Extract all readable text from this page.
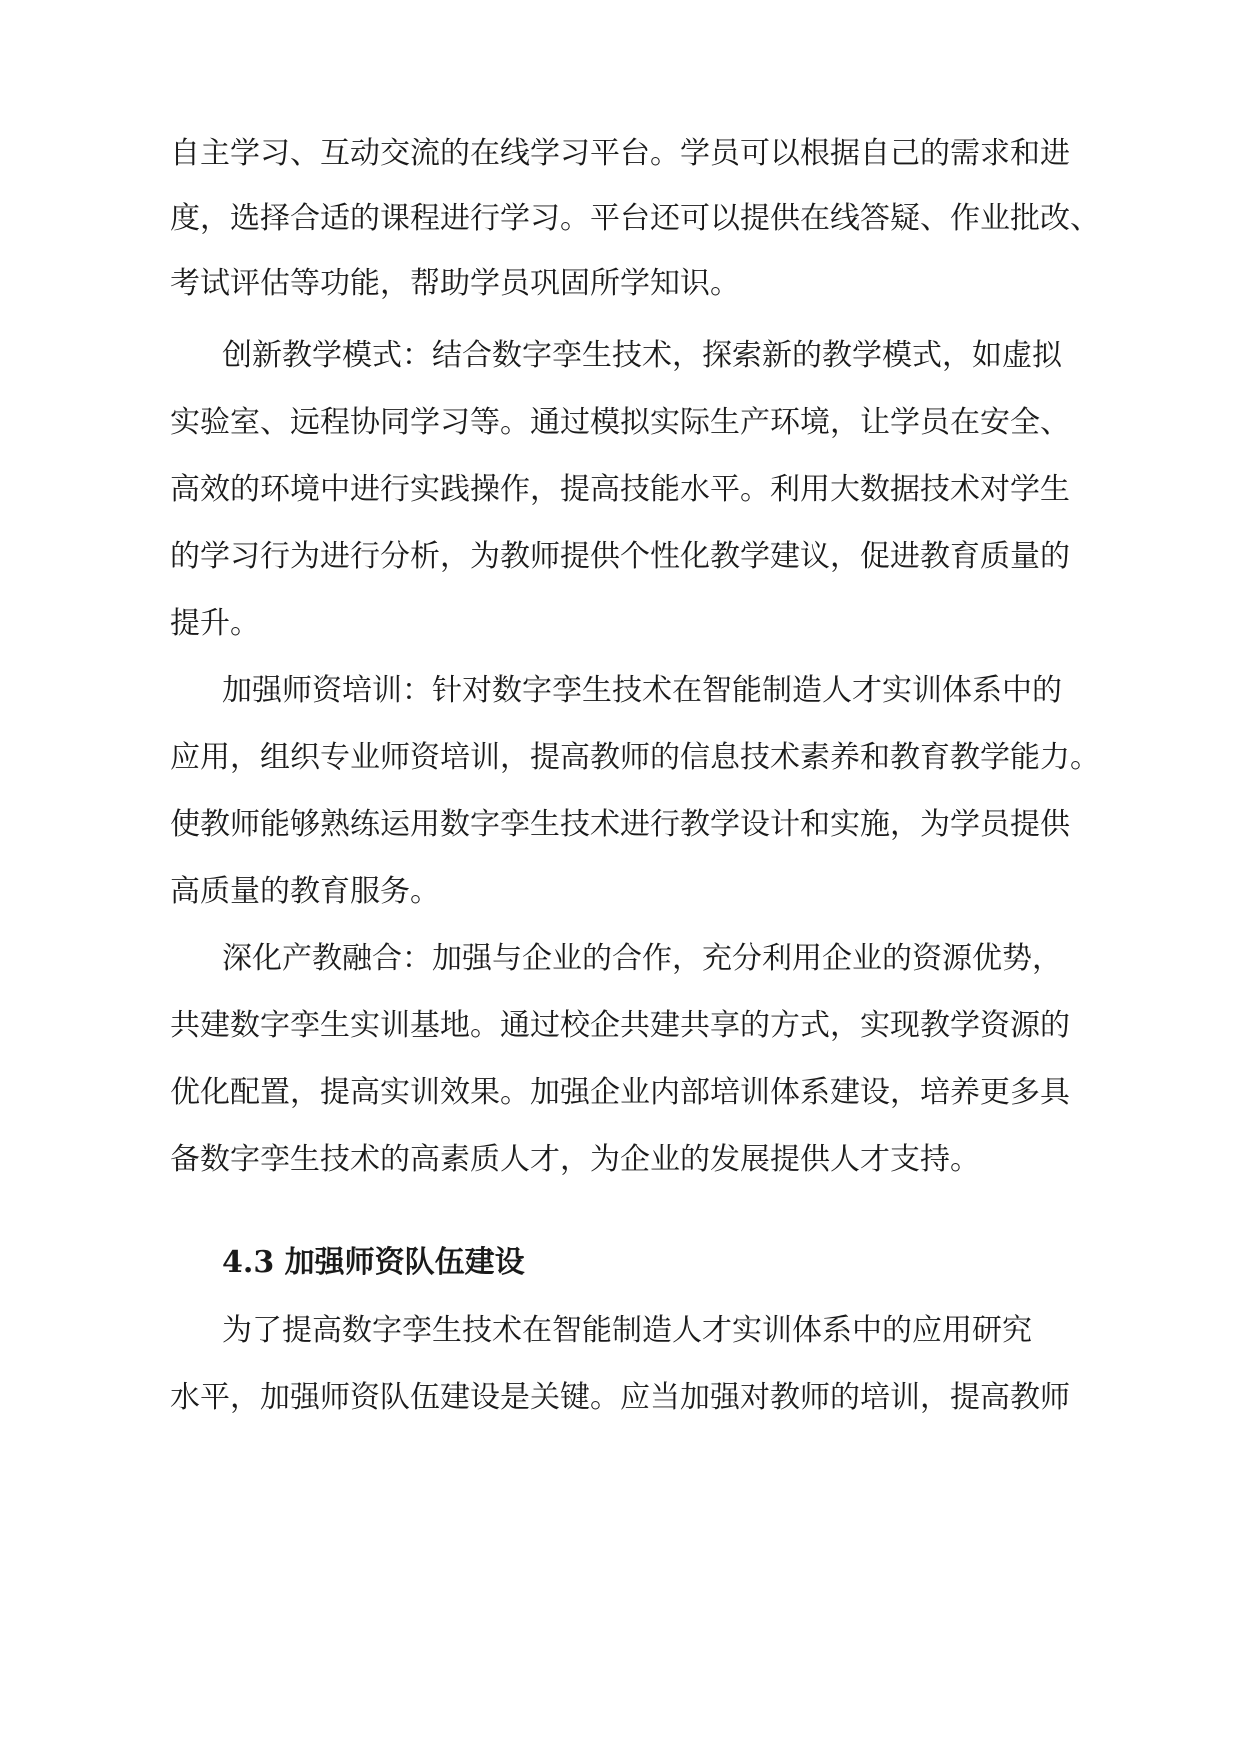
自主学习、互动交流的在线学习平台。学员可以根据自己的需求和进
度，选择合适的课程进行学习。平台还可以提供在线答疑、作业批改、
考试评估等功能，帮助学员巩固所学知识。
创新教学模式：结合数字孪生技术，探索新的教学模式，如虚拟
实验室、远程协同学习等。通过模拟实际生产环境，让学员在安全、
高效的环境中进行实践操作，提高技能水平。利用大数据技术对学生
的学习行为进行分析，为教师提供个性化教学建议，促进教育质量的
提升。
加强师资培训：针对数字孪生技术在智能制造人才实训体系中的
应用，组织专业师资培训，提高教师的信息技术素养和教育教学能力。
使教师能够熟练运用数字孪生技术进行教学设计和实施，为学员提供
高质量的教育服务。
深化产教融合：加强与企业的合作，充分利用企业的资源优势，
共建数字孪生实训基地。通过校企共建共享的方式，实现教学资源的
优化配置，提高实训效果。加强企业内部培训体系建设，培养更多具
备数字孪生技术的高素质人才，为企业的发展提供人才支持。
4.3 加强师资队伍建设
为了提高数字孪生技术在智能制造人才实训体系中的应用研究
水平，加强师资队伍建设是关键。应当加强对教师的培训，提高教师
